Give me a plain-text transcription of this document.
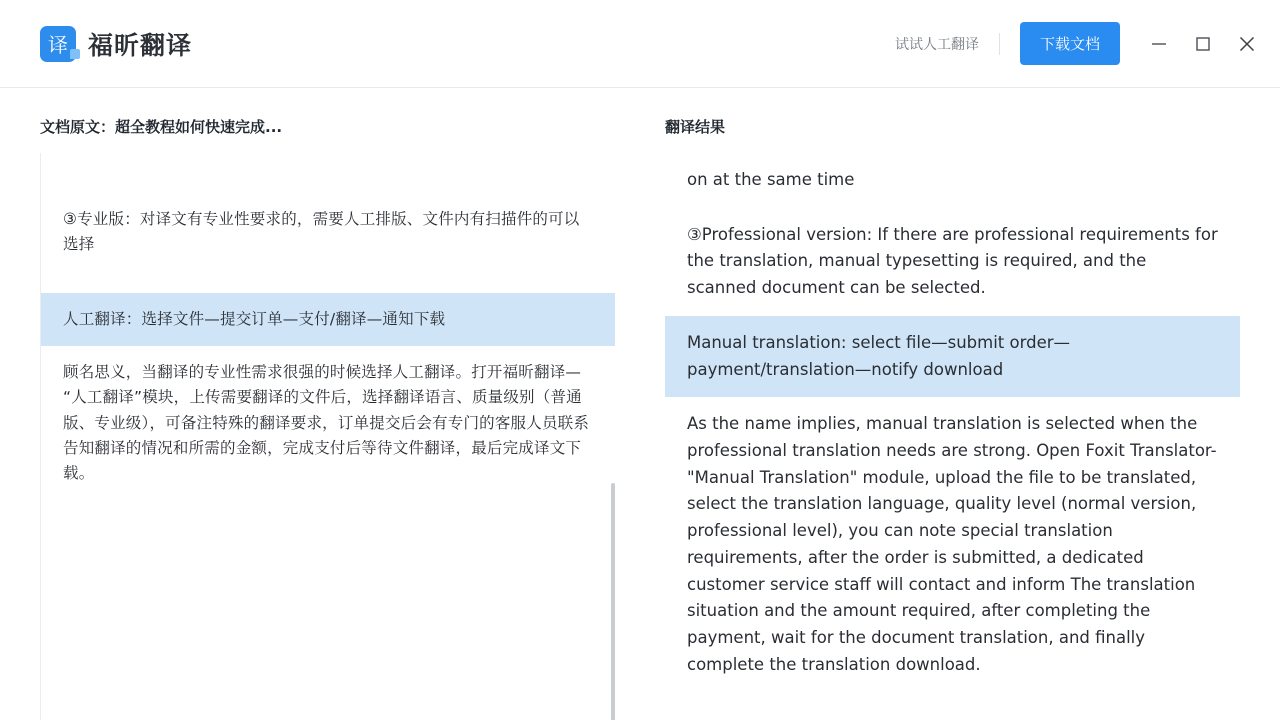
译 福昕翻译	试试人工翻译	下载文档
文档原文：超全教程如何快速完成...
③专业版：对译文有专业性要求的，需要人工排版、文件内有扫描件的可以选择
人工翻译：选择文件—提交订单—支付/翻译—通知下载
顾名思义，当翻译的专业性需求很强的时候选择人工翻译。打开福昕翻译—“人工翻译”模块，上传需要翻译的文件后，选择翻译语言、质量级别（普通版、专业级），可备注特殊的翻译要求，订单提交后会有专门的客服人员联系告知翻译的情况和所需的金额，完成支付后等待文件翻译，最后完成译文下载。
翻译结果
on at the same time
③Professional version: If there are professional requirements for the translation, manual typesetting is required, and the scanned document can be selected.
Manual translation: select file—submit order—payment/translation—notify download
As the name implies, manual translation is selected when the professional translation needs are strong. Open Foxit Translator-"Manual Translation" module, upload the file to be translated, select the translation language, quality level (normal version, professional level), you can note special translation requirements, after the order is submitted, a dedicated customer service staff will contact and inform The translation situation and the amount required, after completing the payment, wait for the document translation, and finally complete the translation download.
